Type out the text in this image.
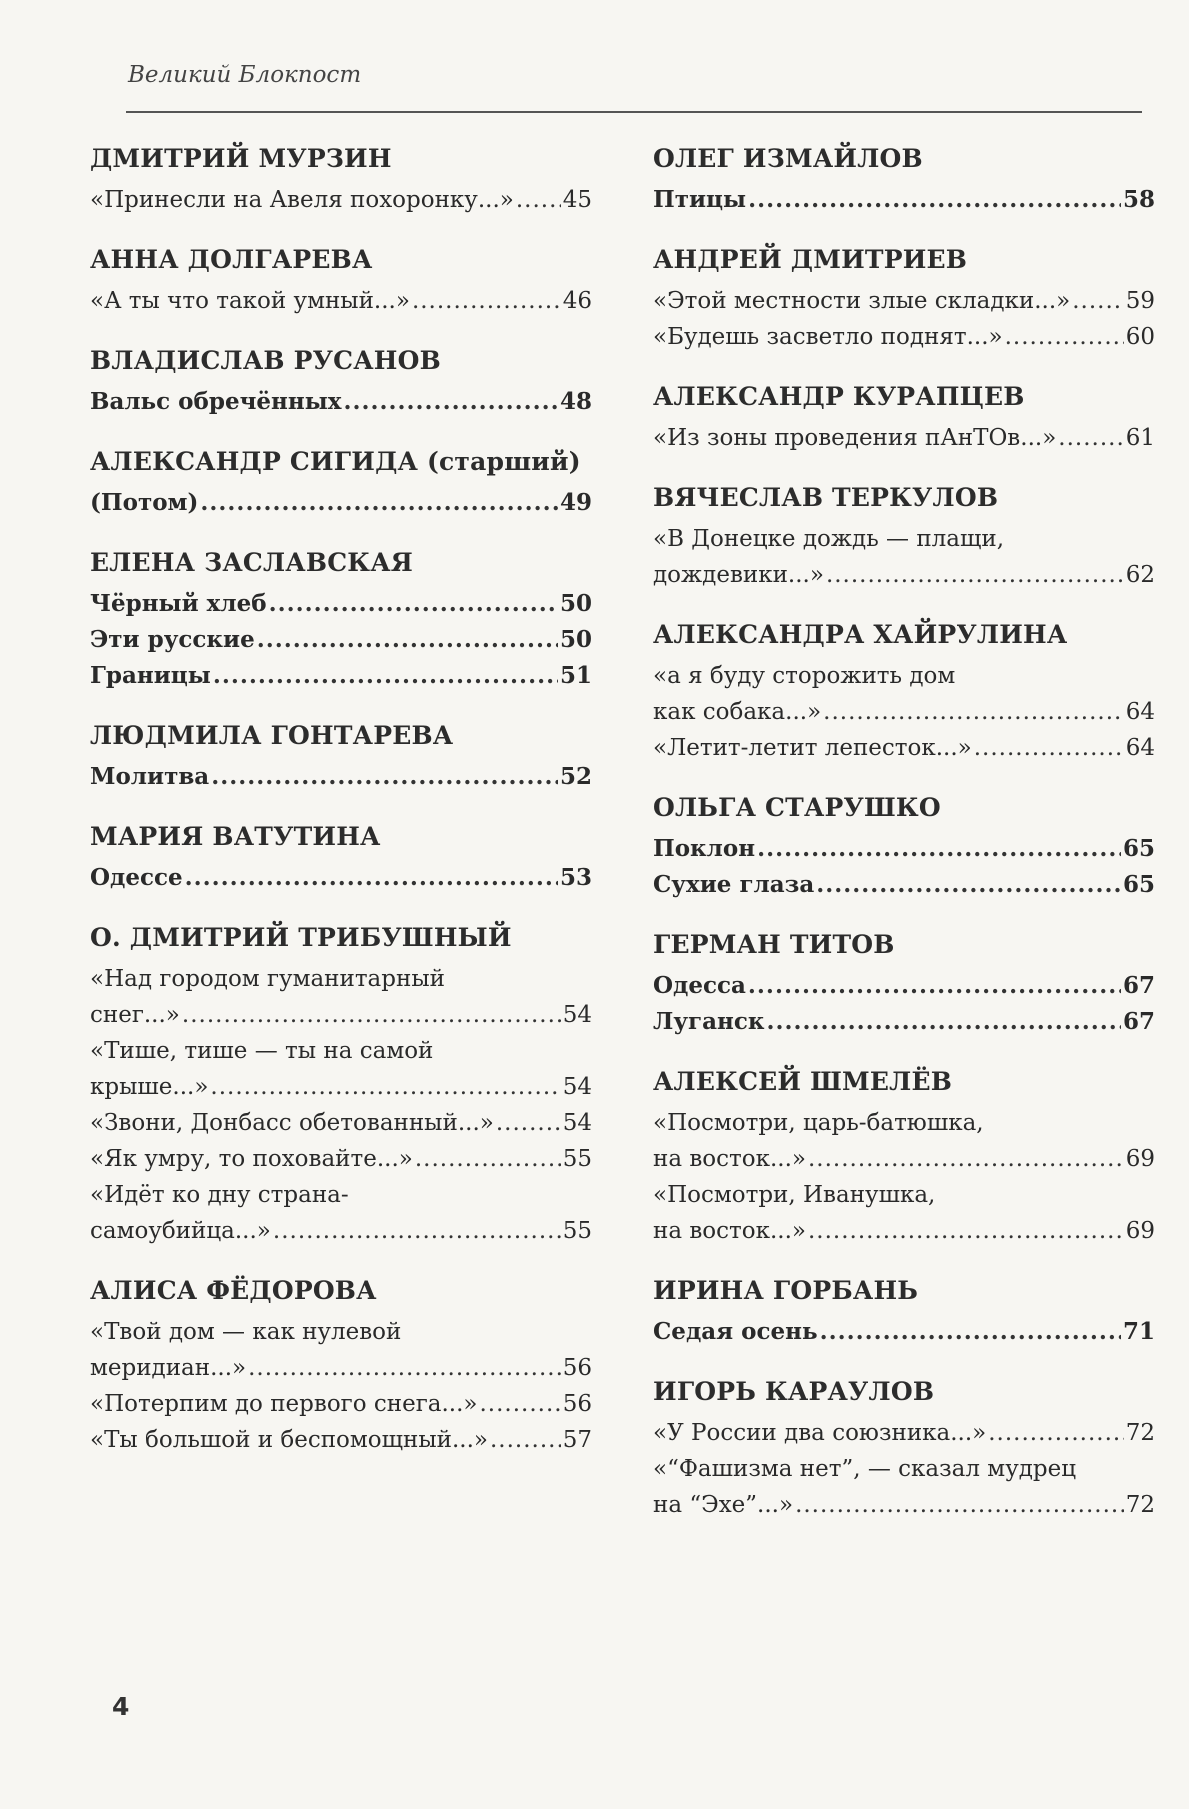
Великий Блокпост
ДМИТРИЙ МУРЗИН
«Принесли на Авеля похоронку...» ..... 45
АННА ДОЛГАРЕВА
«А ты что такой умный...» .....	46
ВЛАДИСЛАВ РУСАНОВ
Вальс обречённых .....	48
АЛЕКСАНДР СИГИДА (старший)
(Потом) .....	49
ЕЛЕНА ЗАСЛАВСКАЯ
Чёрный хлеб .....	50
Эти русские .....	50
Границы .....	51
ЛЮДМИЛА ГОНТАРЕВА
Молитва .....	52
МАРИЯ ВАТУТИНА
Одессе .....	53
О. ДМИТРИЙ ТРИБУШНЫЙ
«Над городом гуманитарный
снег...» .....	54
«Тише, тише — ты на самой
крыше...» .....	54
«Звони, Донбасс обетованный...» .....	54
«Як умру, то поховайте...» .....	55
«Идёт ко дну страна-
самоубийца...» .....	55
АЛИСА ФЁДОРОВА
«Твой дом — как нулевой
меридиан...» .....	56
«Потерпим до первого снега...» .....	56
«Ты большой и беспомощный...» .....	57
ОЛЕГ ИЗМАЙЛОВ
Птицы .....	58
АНДРЕЙ ДМИТРИЕВ
«Этой местности злые складки...» ..... 59
«Будешь засветло поднят...» .....	60
АЛЕКСАНДР КУРАПЦЕВ
«Из зоны проведения пАнТОв...» .....	61
ВЯЧЕСЛАВ ТЕРКУЛОВ
«В Донецке дождь — плащи,
дождевики...» .....	62
АЛЕКСАНДРА ХАЙРУЛИНА
«а я буду сторожить дом
как собака...» .....	64
«Летит-летит лепесток...» .....	64
ОЛЬГА СТАРУШКО
Поклон .....	65
Сухие глаза .....	65
ГЕРМАН ТИТОВ
Одесса .....	67
Луганск .....	67
АЛЕКСЕЙ ШМЕЛЁВ
«Посмотри, царь-батюшка,
на восток...» .....	69
«Посмотри, Иванушка,
на восток...» .....	69
ИРИНА ГОРБАНЬ
Седая осень .....	71
ИГОРЬ КАРАУЛОВ
«У России два союзника...» .....	72
«“Фашизма нет”, — сказал мудрец
на “Эхе”...» .....	72
4
